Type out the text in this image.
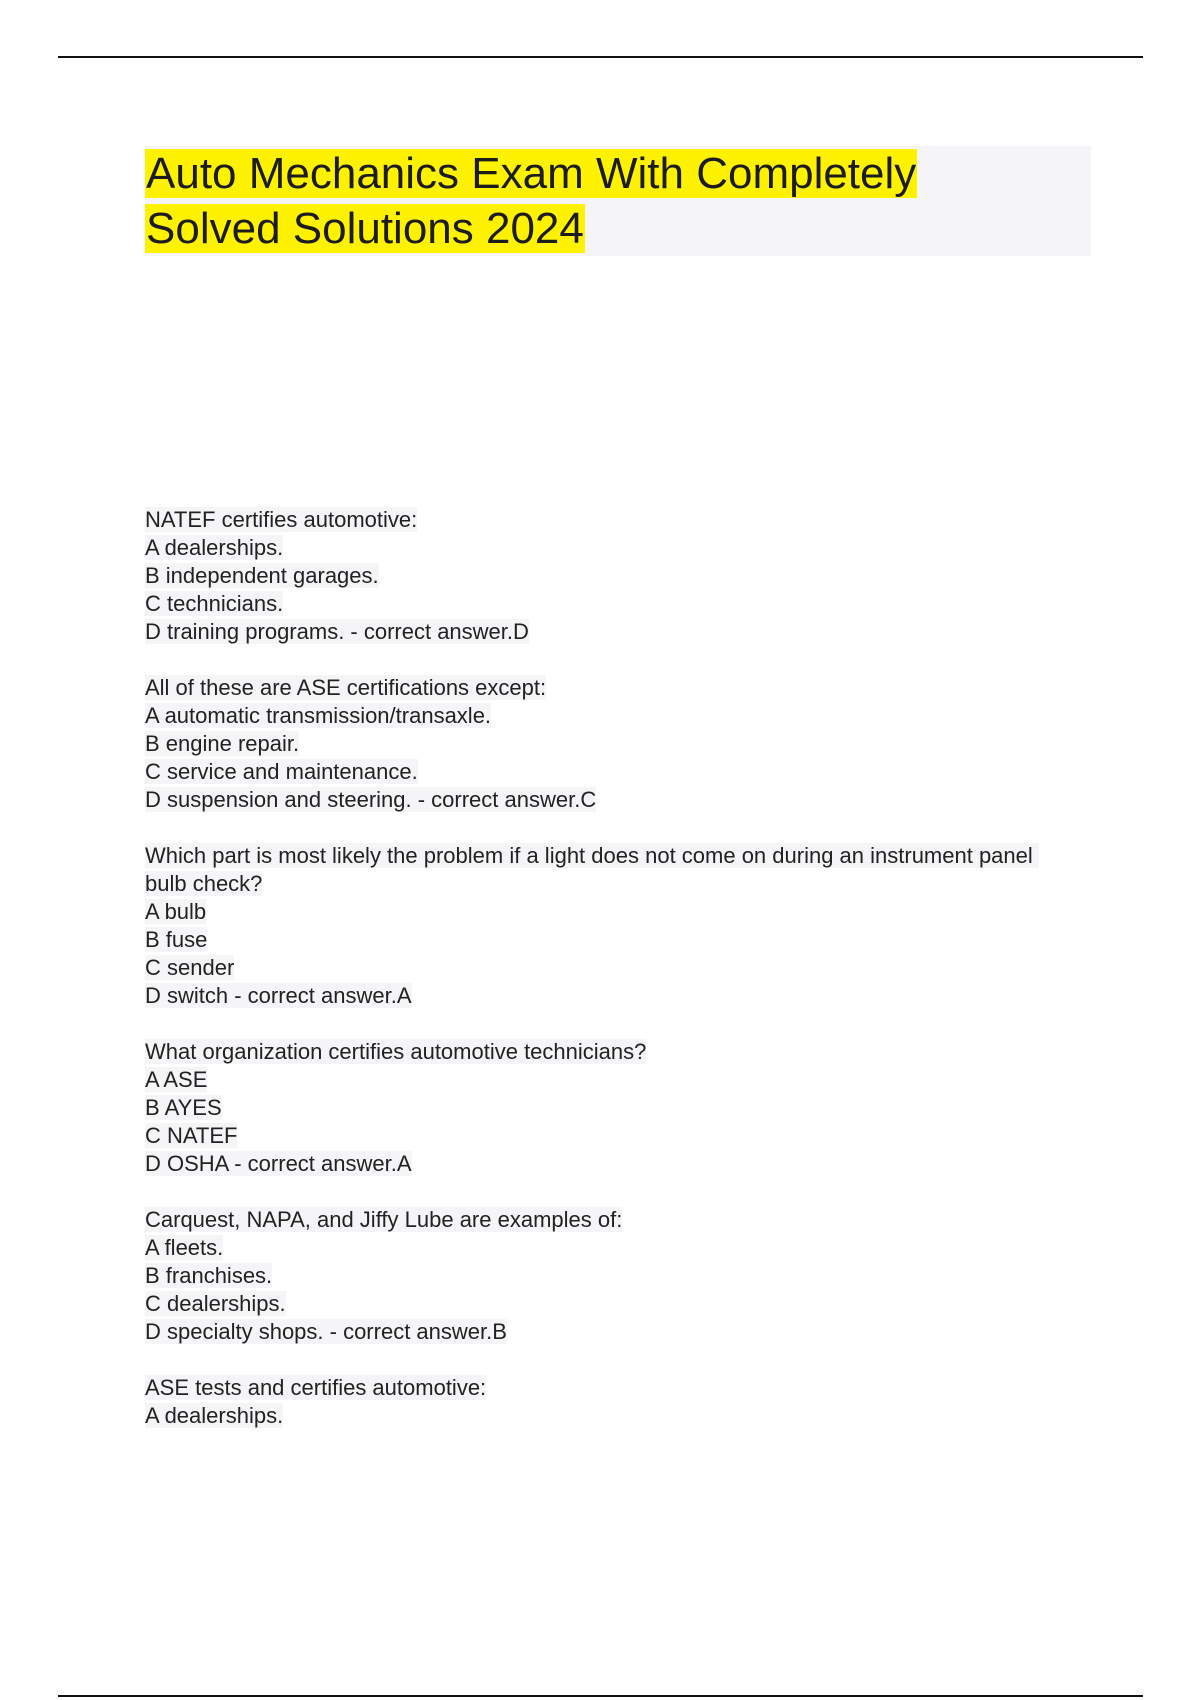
Auto Mechanics Exam With Completely
Solved Solutions 2024

NATEF certifies automotive:

A dealerships.

B independent garages.

C technicians.

D training programs. - correct answer.D

All of these are ASE certifications except:

A automatic transmission/transaxle.

B engine repair.

C service and maintenance.

D suspension and steering. - correct answer.C

Which part is most likely the problem if a light does not come on during an instrument panel bulb check?

A bulb

B fuse

C sender

D switch - correct answer.A

What organization certifies automotive technicians?

A ASE

B AYES

C NATEF

D OSHA - correct answer.A

Carquest, NAPA, and Jiffy Lube are examples of:

A fleets.

B franchises.

C dealerships.

D specialty shops. - correct answer.B

ASE tests and certifies automotive:

A dealerships.
